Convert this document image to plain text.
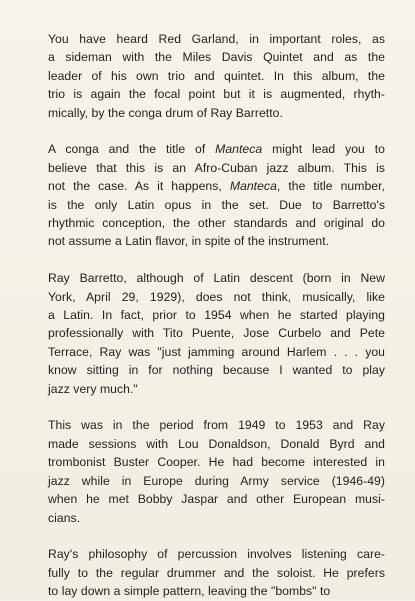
You have heard Red Garland, in important roles, as
a sideman with the Miles Davis Quintet and as the
leader of his own trio and quintet. In this album, the
trio is again the focal point but it is augmented, rhyth-
mically, by the conga drum of Ray Barretto.
A conga and the title of Manteca might lead you to
believe that this is an Afro-Cuban jazz album. This is
not the case. As it happens, Manteca, the title number,
is the only Latin opus in the set. Due to Barretto's
rhythmic conception, the other standards and original do
not assume a Latin flavor, in spite of the instrument.
Ray Barretto, although of Latin descent (born in New
York, April 29, 1929), does not think, musically, like
a Latin. In fact, prior to 1954 when he started playing
professionally with Tito Puente, Jose Curbelo and Pete
Terrace, Ray was "just jamming around Harlem . . . you
know sitting in for nothing because I wanted to play
jazz very much."
This was in the period from 1949 to 1953 and Ray
made sessions with Lou Donaldson, Donald Byrd and
trombonist Buster Cooper. He had become interested in
jazz while in Europe during Army service (1946-49)
when he met Bobby Jaspar and other European musi-
cians.
Ray's philosophy of percussion involves listening care-
fully to the regular drummer and the soloist. He prefers
to lay down a simple pattern, leaving the "bombs" to
